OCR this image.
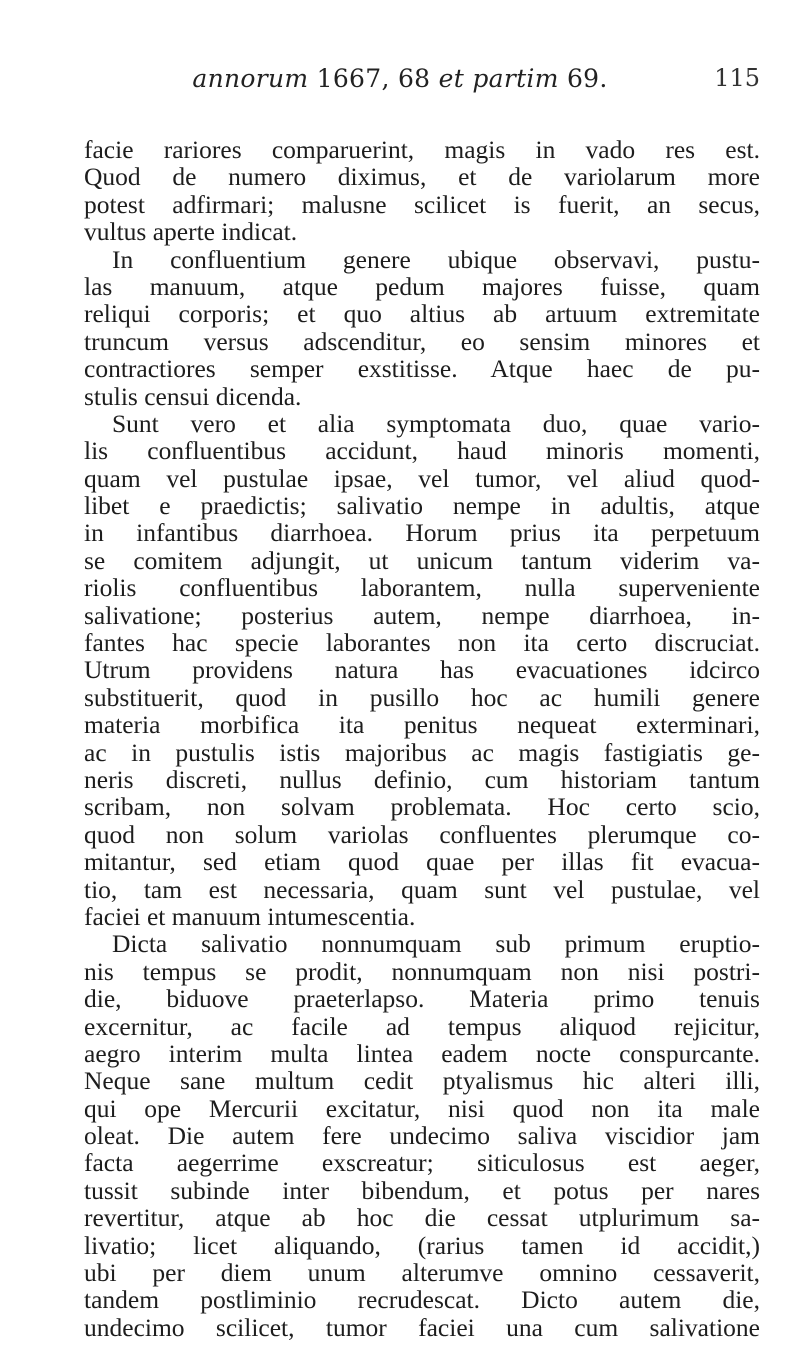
annorum 1667, 68 et partim 69.	115
facie rariores comparuerint, magis in vado res est.
Quod de numero diximus, et de variolarum more
potest adfirmari; malusne scilicet is fuerit, an secus,
vultus aperte indicat.
In confluentium genere ubique observavi, pustu-
las manuum, atque pedum majores fuisse, quam
reliqui corporis; et quo altius ab artuum extremitate
truncum versus adscenditur, eo sensim minores et
contractiores semper exstitisse. Atque haec de pu-
stulis censui dicenda.
Sunt vero et alia symptomata duo, quae vario-
lis confluentibus accidunt, haud minoris momenti,
quam vel pustulae ipsae, vel tumor, vel aliud quod-
libet e praedictis; salivatio nempe in adultis, atque
in infantibus diarrhoea. Horum prius ita perpetuum
se comitem adjungit, ut unicum tantum viderim va-
riolis confluentibus laborantem, nulla superveniente
salivatione; posterius autem, nempe diarrhoea, in-
fantes hac specie laborantes non ita certo discruciat.
Utrum providens natura has evacuationes idcirco
substituerit, quod in pusillo hoc ac humili genere
materia morbifica ita penitus nequeat exterminari,
ac in pustulis istis majoribus ac magis fastigiatis ge-
neris discreti, nullus definio, cum historiam tantum
scribam, non solvam problemata. Hoc certo scio,
quod non solum variolas confluentes plerumque co-
mitantur, sed etiam quod quae per illas fit evacua-
tio, tam est necessaria, quam sunt vel pustulae, vel
faciei et manuum intumescentia.
Dicta salivatio nonnumquam sub primum eruptio-
nis tempus se prodit, nonnumquam non nisi postri-
die, biduove praeterlapso. Materia primo tenuis
excernitur, ac facile ad tempus aliquod rejicitur,
aegro interim multa lintea eadem nocte conspurcante.
Neque sane multum cedit ptyalismus hic alteri illi,
qui ope Mercurii excitatur, nisi quod non ita male
oleat. Die autem fere undecimo saliva viscidior jam
facta aegerrime exscreatur; siticulosus est aeger,
tussit subinde inter bibendum, et potus per nares
revertitur, atque ab hoc die cessat utplurimum sa-
livatio; licet aliquando, (rarius tamen id accidit,)
ubi per diem unum alterumve omnino cessaverit,
tandem postliminio recrudescat. Dicto autem die,
undecimo scilicet, tumor faciei una cum salivatione
